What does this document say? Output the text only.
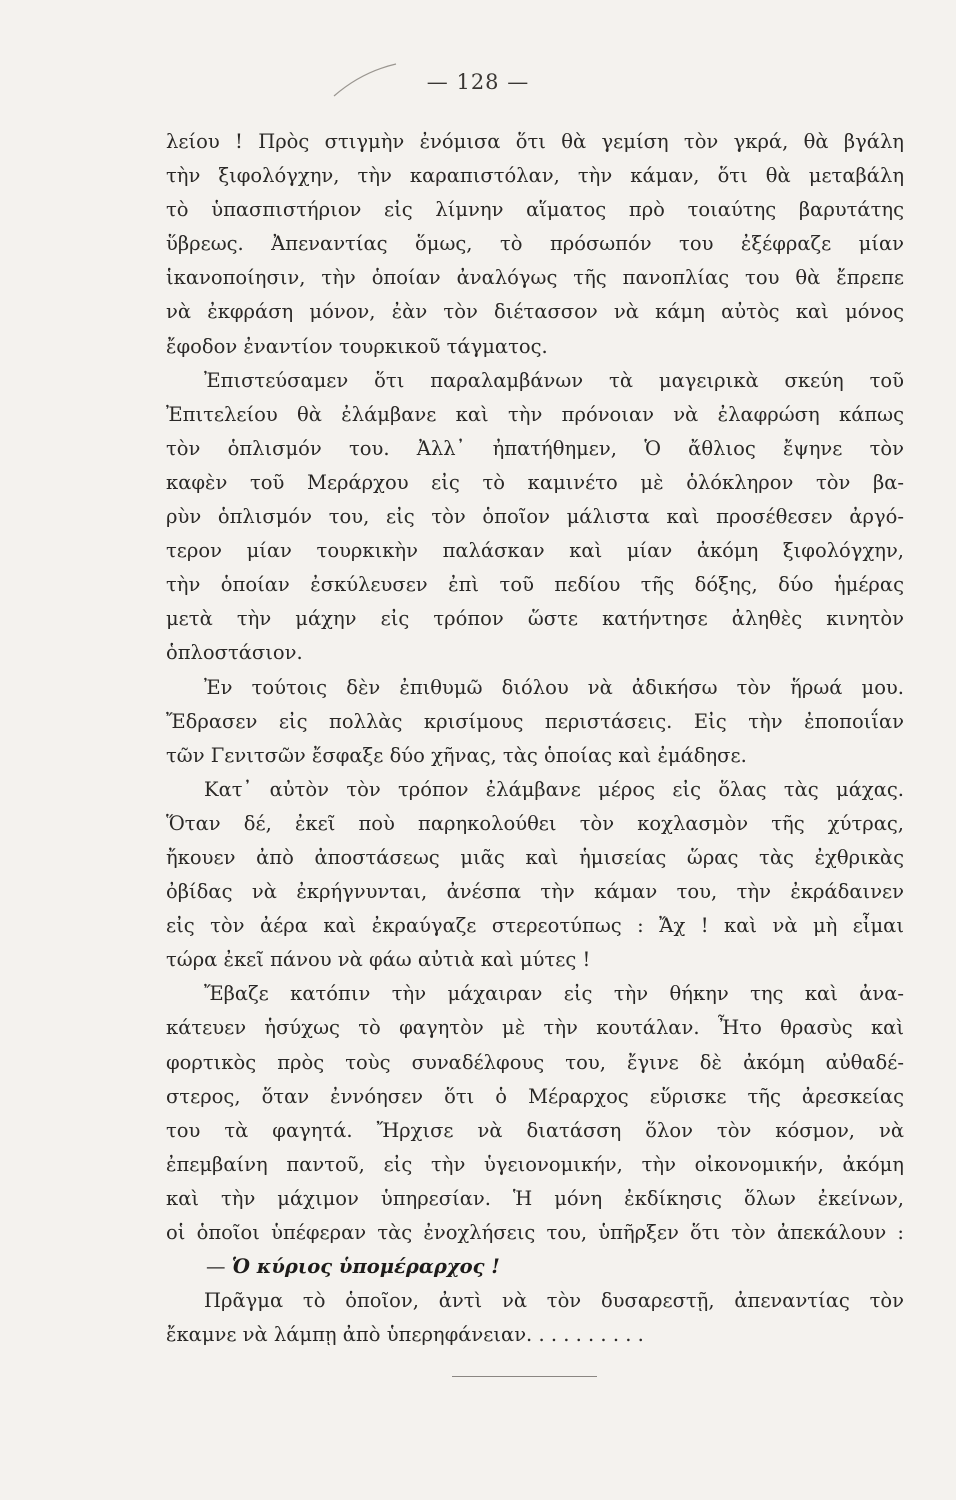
— 128 —
λείου ! Πρὸς στιγμὴν ἐνόμισα ὅτι θὰ γεμίση τὸν γκρά, θὰ βγάλη
τὴν ξιφολόγχην, τὴν καραπιστόλαν, τὴν κάμαν, ὅτι θὰ μεταβάλη
τὸ ὑπασπιστήριον εἰς λίμνην αἵματος πρὸ τοιαύτης βαρυτάτης
ὕβρεως. Ἀπεναντίας ὅμως, τὸ πρόσωπόν του ἐξέφραζε μίαν
ἱκανοποίησιν, τὴν ὁποίαν ἀναλόγως τῆς πανοπλίας του θὰ ἔπρεπε
νὰ ἐκφράση μόνον, ἐὰν τὸν διέτασσον νὰ κάμη αὐτὸς καὶ μόνος
ἔφοδον ἐναντίον τουρκικοῦ τάγματος.
Ἐπιστεύσαμεν ὅτι παραλαμβάνων τὰ μαγειρικὰ σκεύη τοῦ
Ἐπιτελείου θὰ ἐλάμβανε καὶ τὴν πρόνοιαν νὰ ἐλαφρώση κάπως
τὸν ὁπλισμόν του. Ἀλλ᾽ ἠπατήθημεν, Ὁ ἄθλιος ἔψηνε τὸν
καφὲν τοῦ Μεράρχου εἰς τὸ καμινέτο μὲ ὁλόκληρον τὸν βα-
ρὺν ὁπλισμόν του, εἰς τὸν ὁποῖον μάλιστα καὶ προσέθεσεν ἀργό-
τερον μίαν τουρκικὴν παλάσκαν καὶ μίαν ἀκόμη ξιφολόγχην,
τὴν ὁποίαν ἐσκύλευσεν ἐπὶ τοῦ πεδίου τῆς δόξης, δύο ἡμέρας
μετὰ τὴν μάχην εἰς τρόπον ὥστε κατήντησε ἀληθὲς κινητὸν
ὁπλοστάσιον.
Ἐν τούτοις δὲν ἐπιθυμῶ διόλου νὰ ἀδικήσω τὸν ἥρωά μου.
Ἔδρασεν εἰς πολλὰς κρισίμους περιστάσεις. Εἰς τὴν ἐποποιΐαν
τῶν Γενιτσῶν ἔσφαξε δύο χῆνας, τὰς ὁποίας καὶ ἐμάδησε.
Κατ᾽ αὐτὸν τὸν τρόπον ἐλάμβανε μέρος εἰς ὅλας τὰς μάχας.
Ὅταν δέ, ἐκεῖ ποὺ παρηκολούθει τὸν κοχλασμὸν τῆς χύτρας,
ἤκουεν ἀπὸ ἀποστάσεως μιᾶς καὶ ἡμισείας ὥρας τὰς ἐχθρικὰς
ὀβίδας νὰ ἐκρήγνυνται, ἀνέσπα τὴν κάμαν του, τὴν ἐκράδαινεν
εἰς τὸν ἀέρα καὶ ἐκραύγαζε στερεοτύπως : Ἄχ ! καὶ νὰ μὴ εἶμαι
τώρα ἐκεῖ πάνου νὰ φάω αὐτιὰ καὶ μύτες !
Ἔβαζε κατόπιν τὴν μάχαιραν εἰς τὴν θήκην της καὶ ἀνα-
κάτευεν ἡσύχως τὸ φαγητὸν μὲ τὴν κουτάλαν. Ἦτο θρασὺς καὶ
φορτικὸς πρὸς τοὺς συναδέλφους του, ἔγινε δὲ ἀκόμη αὐθαδέ-
στερος, ὅταν ἐννόησεν ὅτι ὁ Μέραρχος εὕρισκε τῆς ἀρεσκείας
του τὰ φαγητά. Ἤρχισε νὰ διατάσση ὅλον τὸν κόσμον, νὰ
ἐπεμβαίνη παντοῦ, εἰς τὴν ὑγειονομικήν, τὴν οἰκονομικήν, ἀκόμη
καὶ τὴν μάχιμον ὑπηρεσίαν. Ἡ μόνη ἐκδίκησις ὅλων ἐκείνων,
οἱ ὁποῖοι ὑπέφεραν τὰς ἐνοχλήσεις του, ὑπῆρξεν ὅτι τὸν ἀπεκάλουν :
— Ὁ κύριος ὑπομέραρχος !
Πρᾶγμα τὸ ὁποῖον, ἀντὶ νὰ τὸν δυσαρεστῇ, ἀπεναντίας τὸν
ἔκαμνε νὰ λάμπῃ ἀπὸ ὑπερηφάνειαν. . . . . . . . . .
